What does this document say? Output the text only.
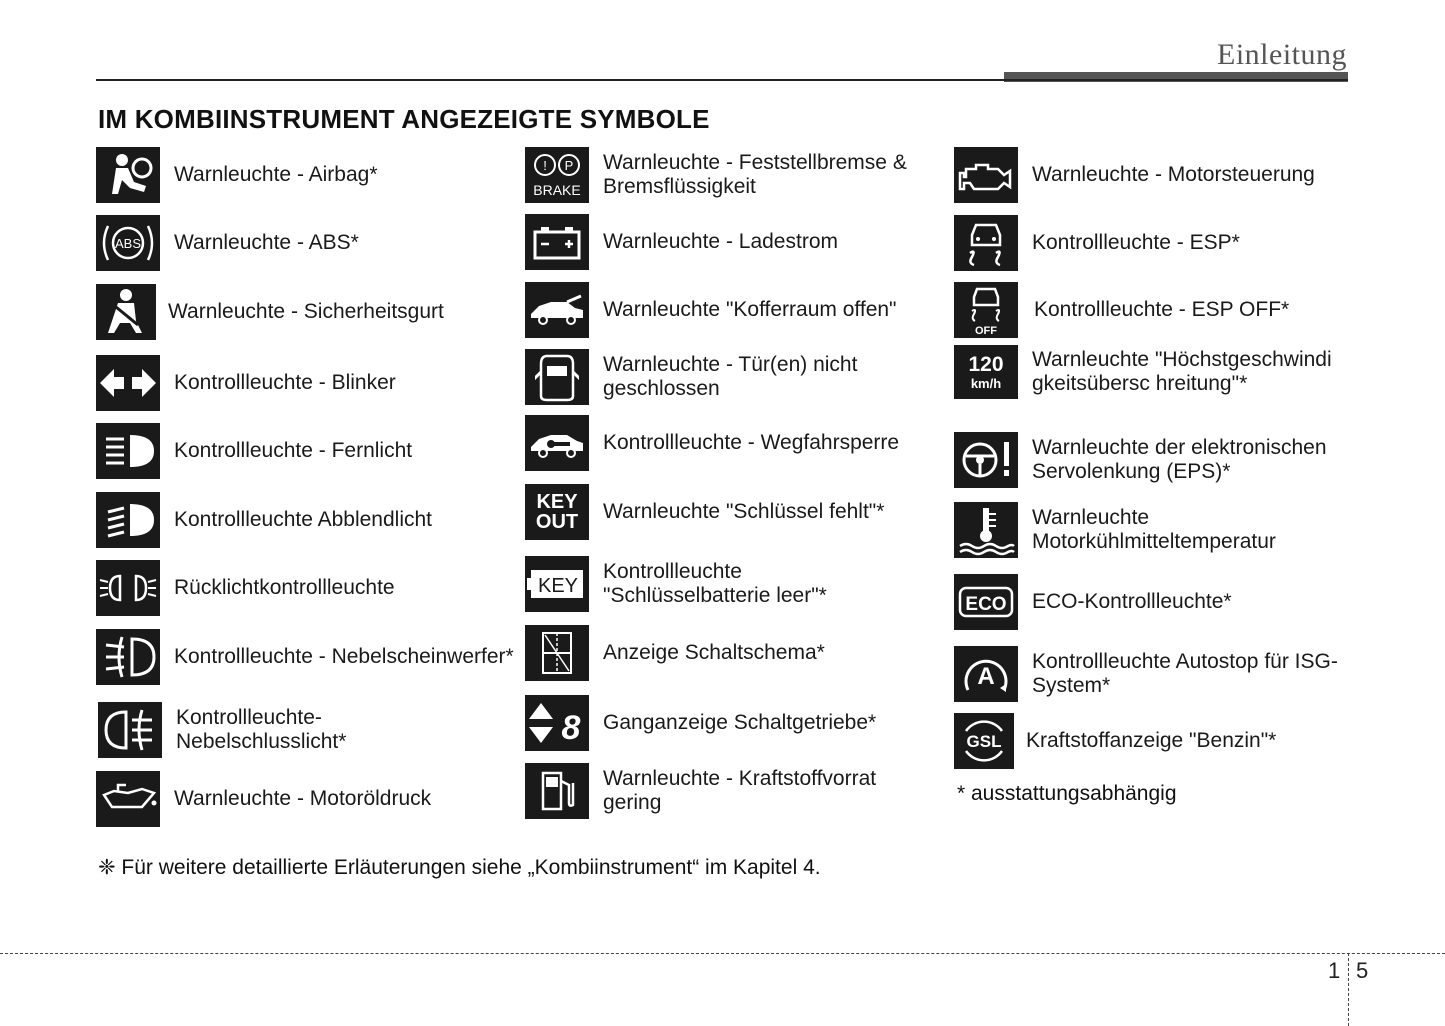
Einleitung
IM KOMBIINSTRUMENT ANGEZEIGTE SYMBOLE
Warnleuchte - Airbag*
ABS Warnleuchte - ABS*
Warnleuchte - Sicherheitsgurt
Kontrollleuchte - Blinker
Kontrollleuchte - Fernlicht
Kontrollleuchte Abblendlicht
Rücklichtkontrollleuchte
Kontrollleuchte - Nebelscheinwerfer*
Kontrollleuchte- Nebelschlusslicht*
Warnleuchte - Motoröldruck
! P
BRAKE
Warnleuchte - Feststellbremse & Bremsflüssigkeit
Warnleuchte - Ladestrom
Warnleuchte "Kofferraum offen"
Warnleuchte - Tür(en) nicht geschlossen
Kontrollleuchte - Wegfahrsperre
KEY
OUT Warnleuchte "Schlüssel fehlt"*
KEY
Kontrollleuchte "Schlüsselbatterie leer"*
Anzeige Schaltschema*
8 Ganganzeige Schaltgetriebe*
Warnleuchte - Kraftstoffvorrat gering
Warnleuchte - Motorsteuerung
Kontrollleuchte - ESP*
OFF
Kontrollleuchte - ESP OFF*
120
km/h
Warnleuchte "Höchstgeschwindigkeitsübersc hreitung"*
Warnleuchte der elektronischen Servolenkung (EPS)*
Warnleuchte Motorkühlmitteltemperatur
ECO ECO-Kontrollleuchte*
A
Kontrollleuchte Autostop für ISG-System*
GSL Kraftstoffanzeige "Benzin"*
* ausstattungsabhängig
❈ Für weitere detaillierte Erläuterungen siehe „Kombiinstrument“ im Kapitel 4.
1 5
